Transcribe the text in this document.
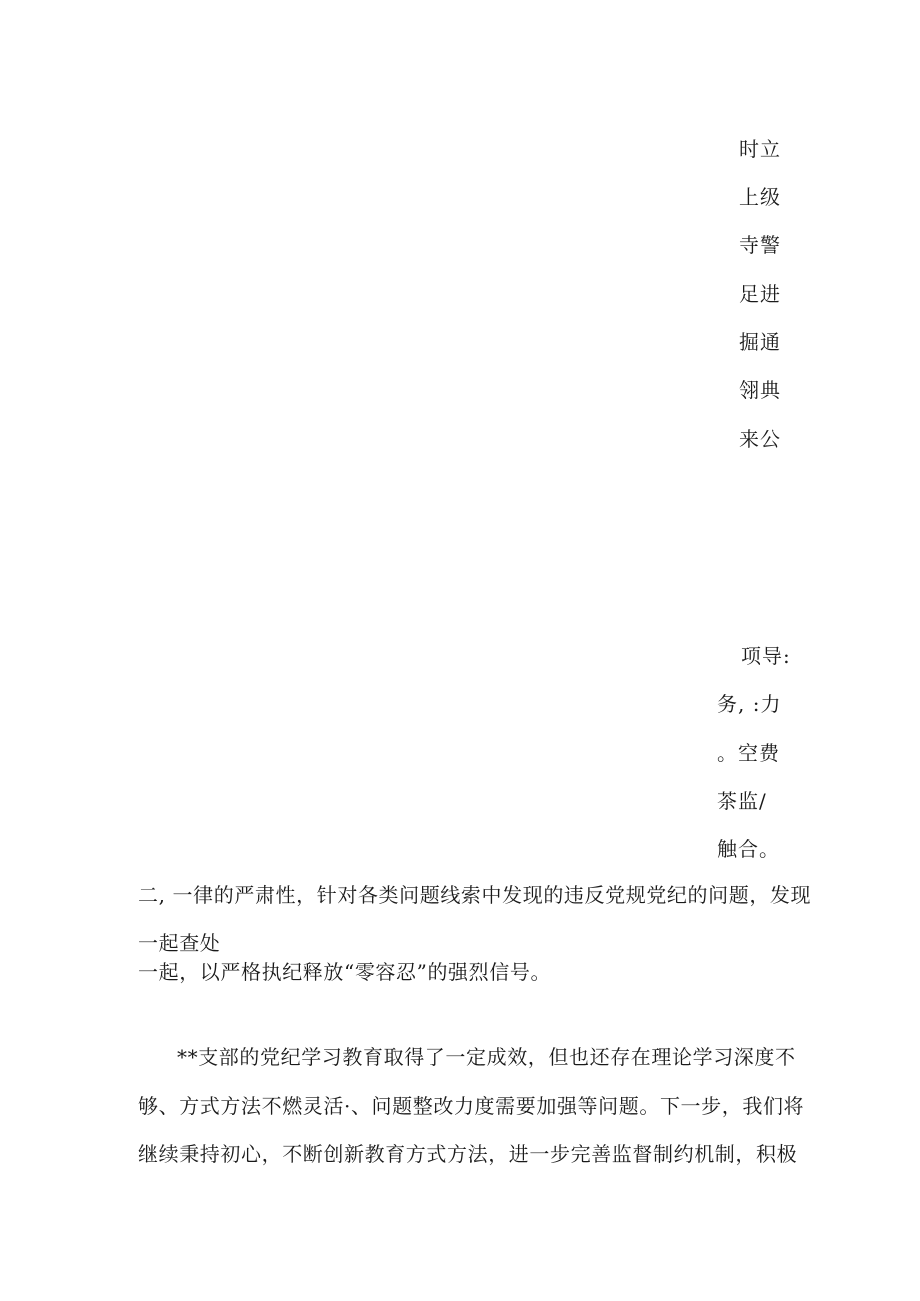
时立
上级
寺警
足进
掘通
翎典
来公
项导:
务, :力
。空费
茶监/
触合。
二, 一律的严肃性，针对各类问题线索中发现的违反党规党纪的问题，发现
一起查处
一起，以严格执纪释放“零容忍”的强烈信号。
**支部的党纪学习教育取得了一定成效，但也还存在理论学习深度不
够、方式方法不燃灵活·、问题整改力度需要加强等问题。下一步，我们将
继续秉持初心，不断创新教育方式方法，进一步完善监督制约机制，积极
